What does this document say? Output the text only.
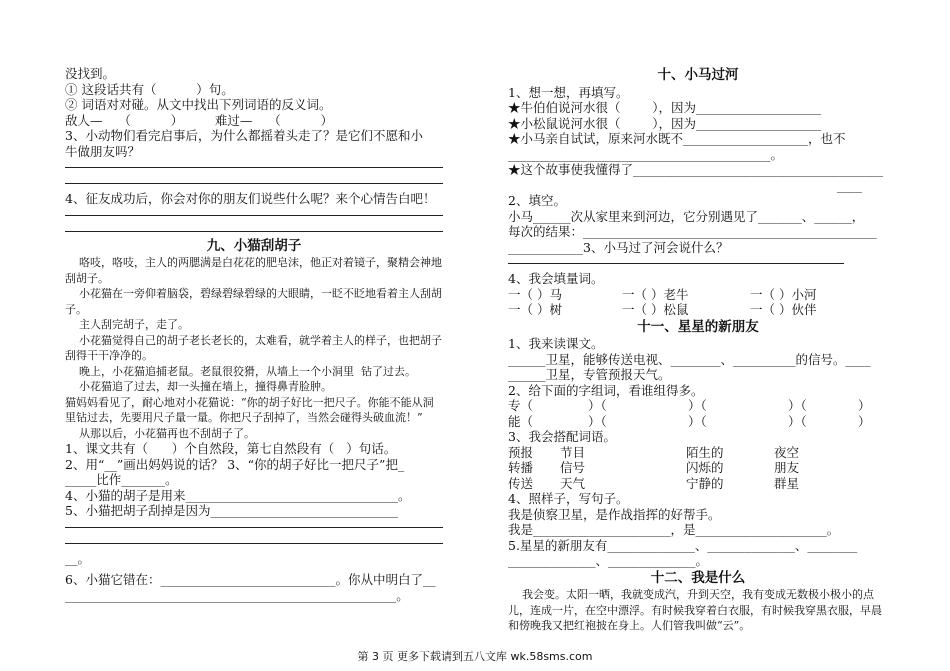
没找到。
① 这段话共有（          ）句。
② 词语对对碰。从文中找出下列词语的反义词。
敌人—    （          ）        难过—    （          ）
3、小动物们看完启事后，为什么都摇着头走了？是它们不愿和小
牛做朋友吗？
4、征友成功后，你会对你的朋友们说些什么呢？来个心情告白吧！
九、小猫刮胡子
咯吱，咯吱，主人的两腮满是白花花的肥皂沫，他正对着镜子，聚精会神地刮胡子。
小花猫在一旁仰着脑袋，碧绿碧绿碧绿的大眼睛，一眨不眨地看着主人刮胡子。
主人刮完胡子，走了。
小花猫觉得自己的胡子老长老长的，太难看，就学着主人的样子，也把胡子刮得干干净净的。
晚上，小花猫追捕老鼠。老鼠很狡猾，从墙上一个小洞里  钻了过去。
小花猫追了过去，却一头撞在墙上，撞得鼻青脸肿。
猫妈妈看见了，耐心地对小花猫说：“你的胡子好比一把尺子。你能不能从洞里钻过去，先要用尺子量一量。你把尺子刮掉了，当然会碰得头破血流！”
从那以后，小花猫再也不刮胡子了。
1、课文共有（      ）个自然段，第七自然段有（   ）句话。
2、用“__”画出妈妈说的话？ 3、“你的胡子好比一把尺子”把_
_____比作_______。
4、小猫的胡子是用来__________________________________。
5、小猫把胡子刮掉是因为______________________________
__。
6、小猫它错在：____________________________。你从中明白了__
_____________________________________________________。
十、小马过河
1、想一想，再填写。
★牛伯伯说河水很（        ），因为____________________
★小松鼠说河水很（        ），因为____________________
★小马亲自试试，原来河水既不____________________，也不
__________________________________________。
★这个故事使我懂得了________________________________________
____
2、填空。
小马______次从家里来到河边，它分别遇见了_______、______，
每次的结果：_______________________________________________
____________3、小马过了河会说什么？
4、我会填量词。
一（ ）马	一（ ）老牛	一（ ）小河
一（ ）树	一（ ）松鼠	一（ ）伙伴
十一、星星的新朋友
1、我来读课文。
______卫星，能够传送电视、________、__________的信号。____
______卫星，专管预报天气。
2、给下面的字组词，看谁组得多。
专（	）（	）（	）（	）
能（	）（	）（	）（	）
3、我会搭配词语。
预报	节目	陌生的	夜空
转播	信号	闪烁的	朋友
传送	天气	宁静的	群星
4、照样子，写句子。
我是侦察卫星，是作战指挥的好帮手。
我是______________________，是_____________________。
5.星星的新朋友有______________、______________、________
______________、______________。
十二、我是什么
我会变。太阳一晒，我就变成汽，升到天空，我有变成无数极小极小的点儿，连成一片，在空中漂浮。有时候我穿着白衣服，有时候我穿黑衣服，早晨和傍晚我又把红袍披在身上。人们管我叫做“云”。
第 3 页 更多下载请到五八文库 wk.58sms.com
